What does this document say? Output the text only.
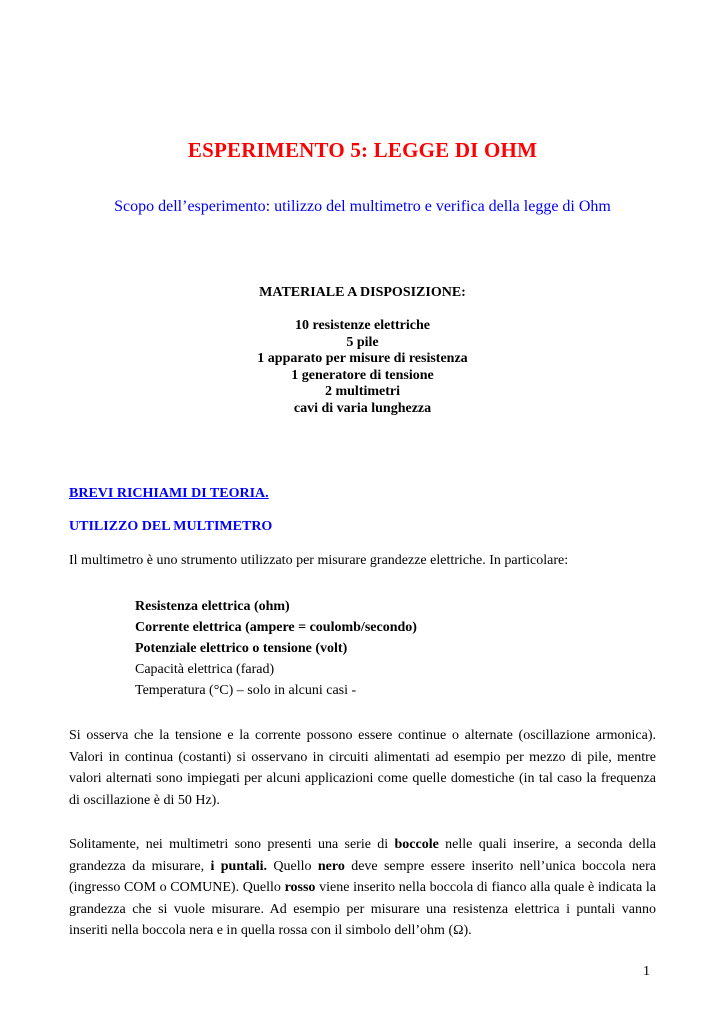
ESPERIMENTO 5: LEGGE DI OHM
Scopo dell’esperimento: utilizzo del multimetro e verifica della legge di Ohm
MATERIALE A DISPOSIZIONE:
10 resistenze elettriche
5 pile
1 apparato per misure di resistenza
1 generatore di tensione
2 multimetri
cavi di varia lunghezza
BREVI RICHIAMI DI TEORIA.
UTILIZZO DEL MULTIMETRO
Il multimetro è uno strumento utilizzato per misurare grandezze elettriche. In particolare:
Resistenza elettrica (ohm)
Corrente elettrica (ampere = coulomb/secondo)
Potenziale elettrico o tensione (volt)
Capacità elettrica (farad)
Temperatura (°C) – solo in alcuni casi -
Si osserva che la tensione e la corrente possono essere continue o alternate (oscillazione armonica). Valori in continua (costanti) si osservano in circuiti alimentati ad esempio per mezzo di pile, mentre valori alternati sono impiegati per alcuni applicazioni come quelle domestiche (in tal caso la frequenza di oscillazione è di 50 Hz).
Solitamente, nei multimetri sono presenti una serie di boccole nelle quali inserire, a seconda della grandezza da misurare, i puntali. Quello nero deve sempre essere inserito nell’unica boccola nera (ingresso COM o COMUNE). Quello rosso viene inserito nella boccola di fianco alla quale è indicata la grandezza che si vuole misurare. Ad esempio per misurare una resistenza elettrica i puntali vanno inseriti nella boccola nera e in quella rossa con il simbolo dell’ohm (Ω).
1
